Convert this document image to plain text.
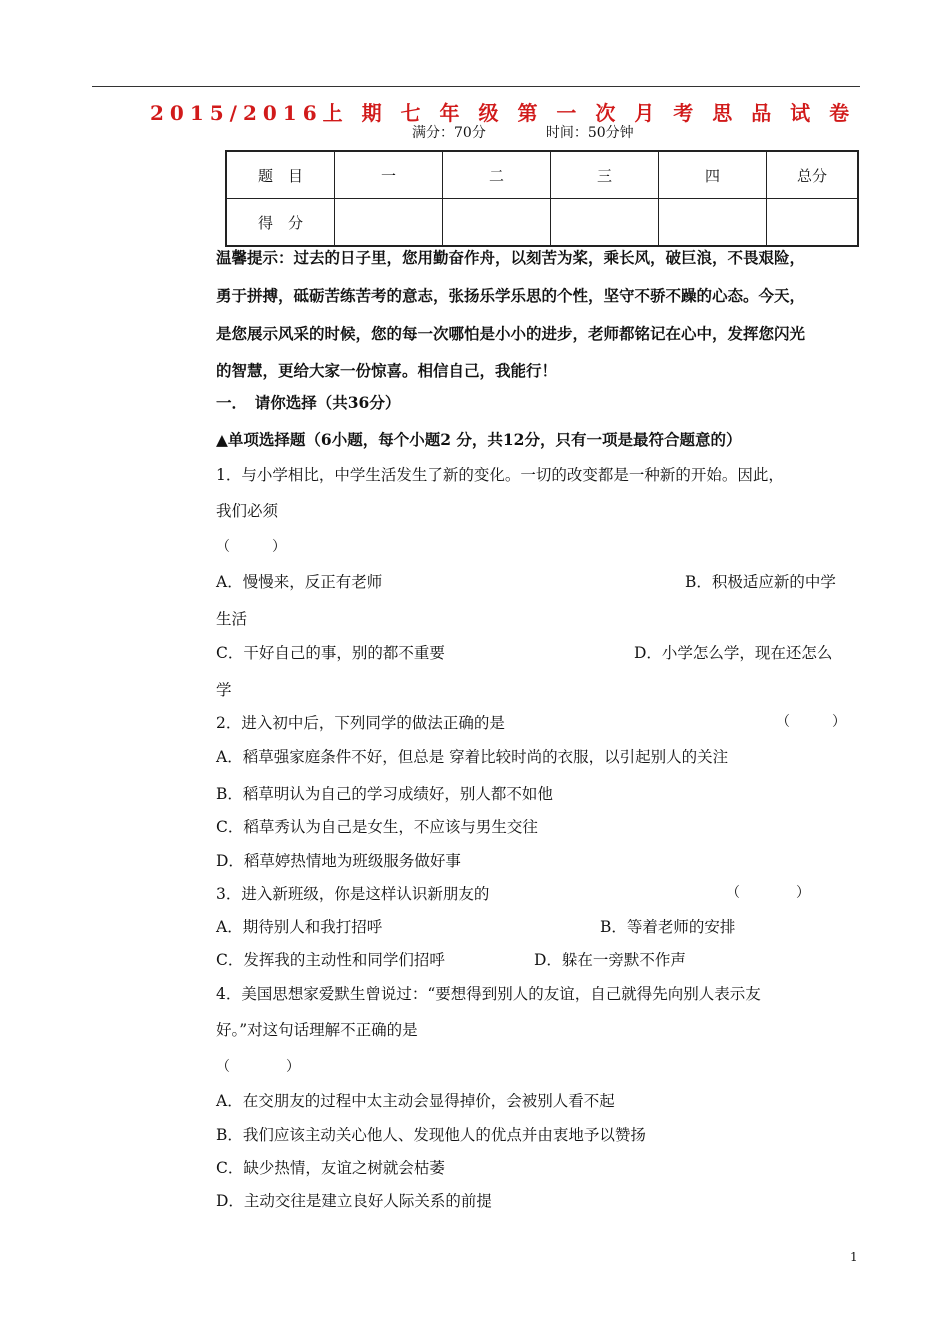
2015/2016上 期 七 年 级 第 一 次 月 考 思 品 试 卷
满分：70分	时间：50分钟
题　目	一	二	三	四	总分
得　分					
温馨提示：过去的日子里，您用勤奋作舟，以刻苦为桨，乘长风，破巨浪，不畏艰险，
勇于拼搏，砥砺苦练苦考的意志，张扬乐学乐思的个性，坚守不骄不躁的心态。今天，
是您展示风采的时候，您的每一次哪怕是小小的进步，老师都铭记在心中，发挥您闪光
的智慧，更给大家一份惊喜。相信自己，我能行！
一．　请你选择（共36分）
▲单项选择题（6小题，每个小题2 分，共12分，只有一项是最符合题意的）
1．与小学相比，中学生活发生了新的变化。一切的改变都是一种新的开始。因此，
我们必须
（　　　）
A．慢慢来，反正有老师	B．积极适应新的中学
生活
C．干好自己的事，别的都不重要	D．小学怎么学，现在还怎么
学
2．进入初中后，下列同学的做法正确的是	（　　　）
A．稻草强家庭条件不好，但总是 穿着比较时尚的衣服，以引起别人的关注
B．稻草明认为自己的学习成绩好，别人都不如他
C．稻草秀认为自己是女生，不应该与男生交往
D．稻草婷热情地为班级服务做好事
3．进入新班级，你是这样认识新朋友的	（　　　　）
A．期待别人和我打招呼	B．等着老师的安排
C．发挥我的主动性和同学们招呼	D．躲在一旁默不作声
4．美国思想家爱默生曾说过：“要想得到别人的友谊，自己就得先向别人表示友
好。”对这句话理解不正确的是
（　　　　）
A．在交朋友的过程中太主动会显得掉价，会被别人看不起
B．我们应该主动关心他人、发现他人的优点并由衷地予以赞扬
C．缺少热情，友谊之树就会枯萎
D．主动交往是建立良好人际关系的前提
1
